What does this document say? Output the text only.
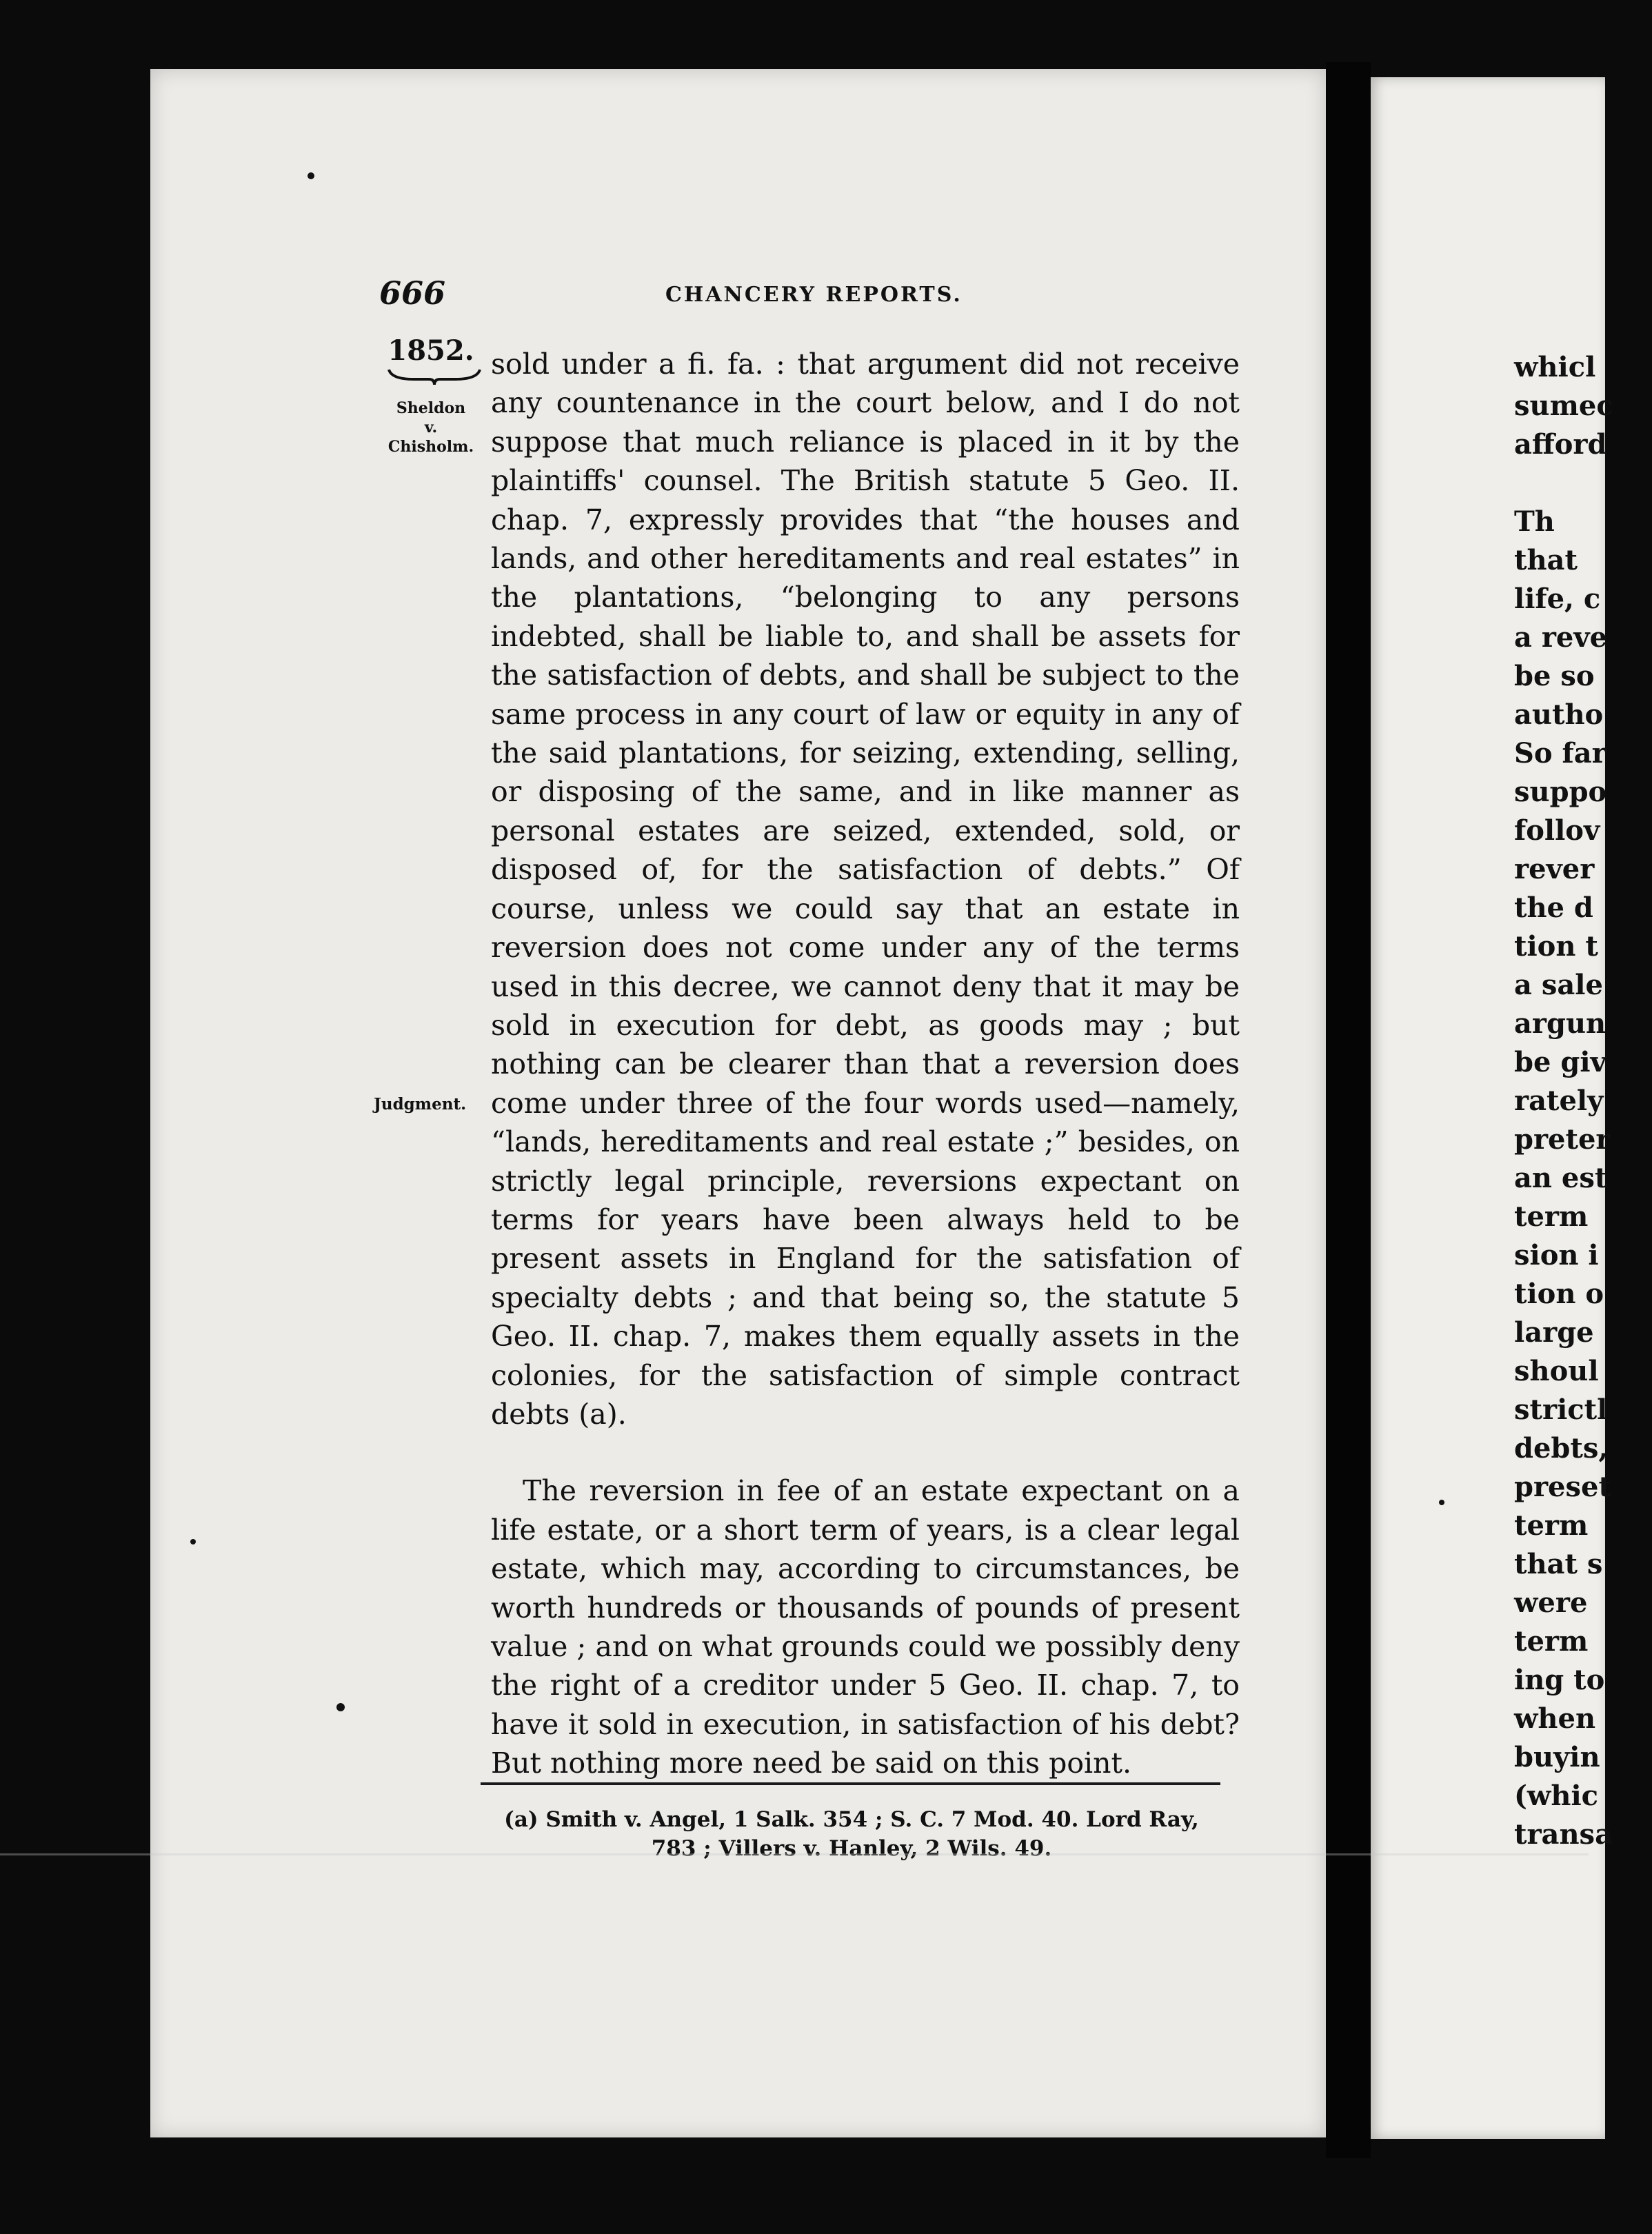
666	CHANCERY REPORTS.
1852.
Sheldon
v.
Chisholm.
Judgment.

sold under a fi. fa. : that argument did not receive any countenance in the court below, and I do not suppose that much reliance is placed in it by the plaintiffs' counsel. The British statute 5 Geo. II. chap. 7, expressly provides that “the houses and lands, and other hereditaments and real estates” in the plantations, “belonging to any persons indebted, shall be liable to, and shall be assets for the satisfaction of debts, and shall be subject to the same process in any court of law or equity in any of the said plantations, for seizing, extending, selling, or disposing of the same, and in like manner as personal estates are seized, extended, sold, or disposed of, for the satisfaction of debts.” Of course, unless we could say that an estate in reversion does not come under any of the terms used in this decree, we cannot deny that it may be sold in execution for debt, as goods may ; but nothing can be clearer than that a reversion does come under three of the four words used—namely, “lands, hereditaments and real estate ;” besides, on strictly legal principle, reversions expectant on terms for years have been always held to be present assets in England for the satisfation of specialty debts ; and that being so, the statute 5 Geo. II. chap. 7, makes them equally assets in the colonies, for the satisfaction of simple contract debts (a).

The reversion in fee of an estate expectant on a life estate, or a short term of years, is a clear legal estate, which may, according to circumstances, be worth hundreds or thousands of pounds of present value ; and on what grounds could we possibly deny the right of a creditor under 5 Geo. II. chap. 7, to have it sold in execution, in satisfaction of his debt? But nothing more need be said on this point.

(a) Smith v. Angel, 1 Salk. 354 ; S. C. 7 Mod. 40. Lord Ray,
783 ; Villers v. Hanley, 2 Wils. 49.
whicl
sumec
afford
Th
that
life, c
a reve
be so
autho
So far
suppo
follov
rever
the d
tion t
a sale
argun
be giv
rately
preter
an est
term
sion i
tion o
large
shoul
strictl
debts,
preset
term
that s
were
term
ing to
when
buyin
(whic
transa
